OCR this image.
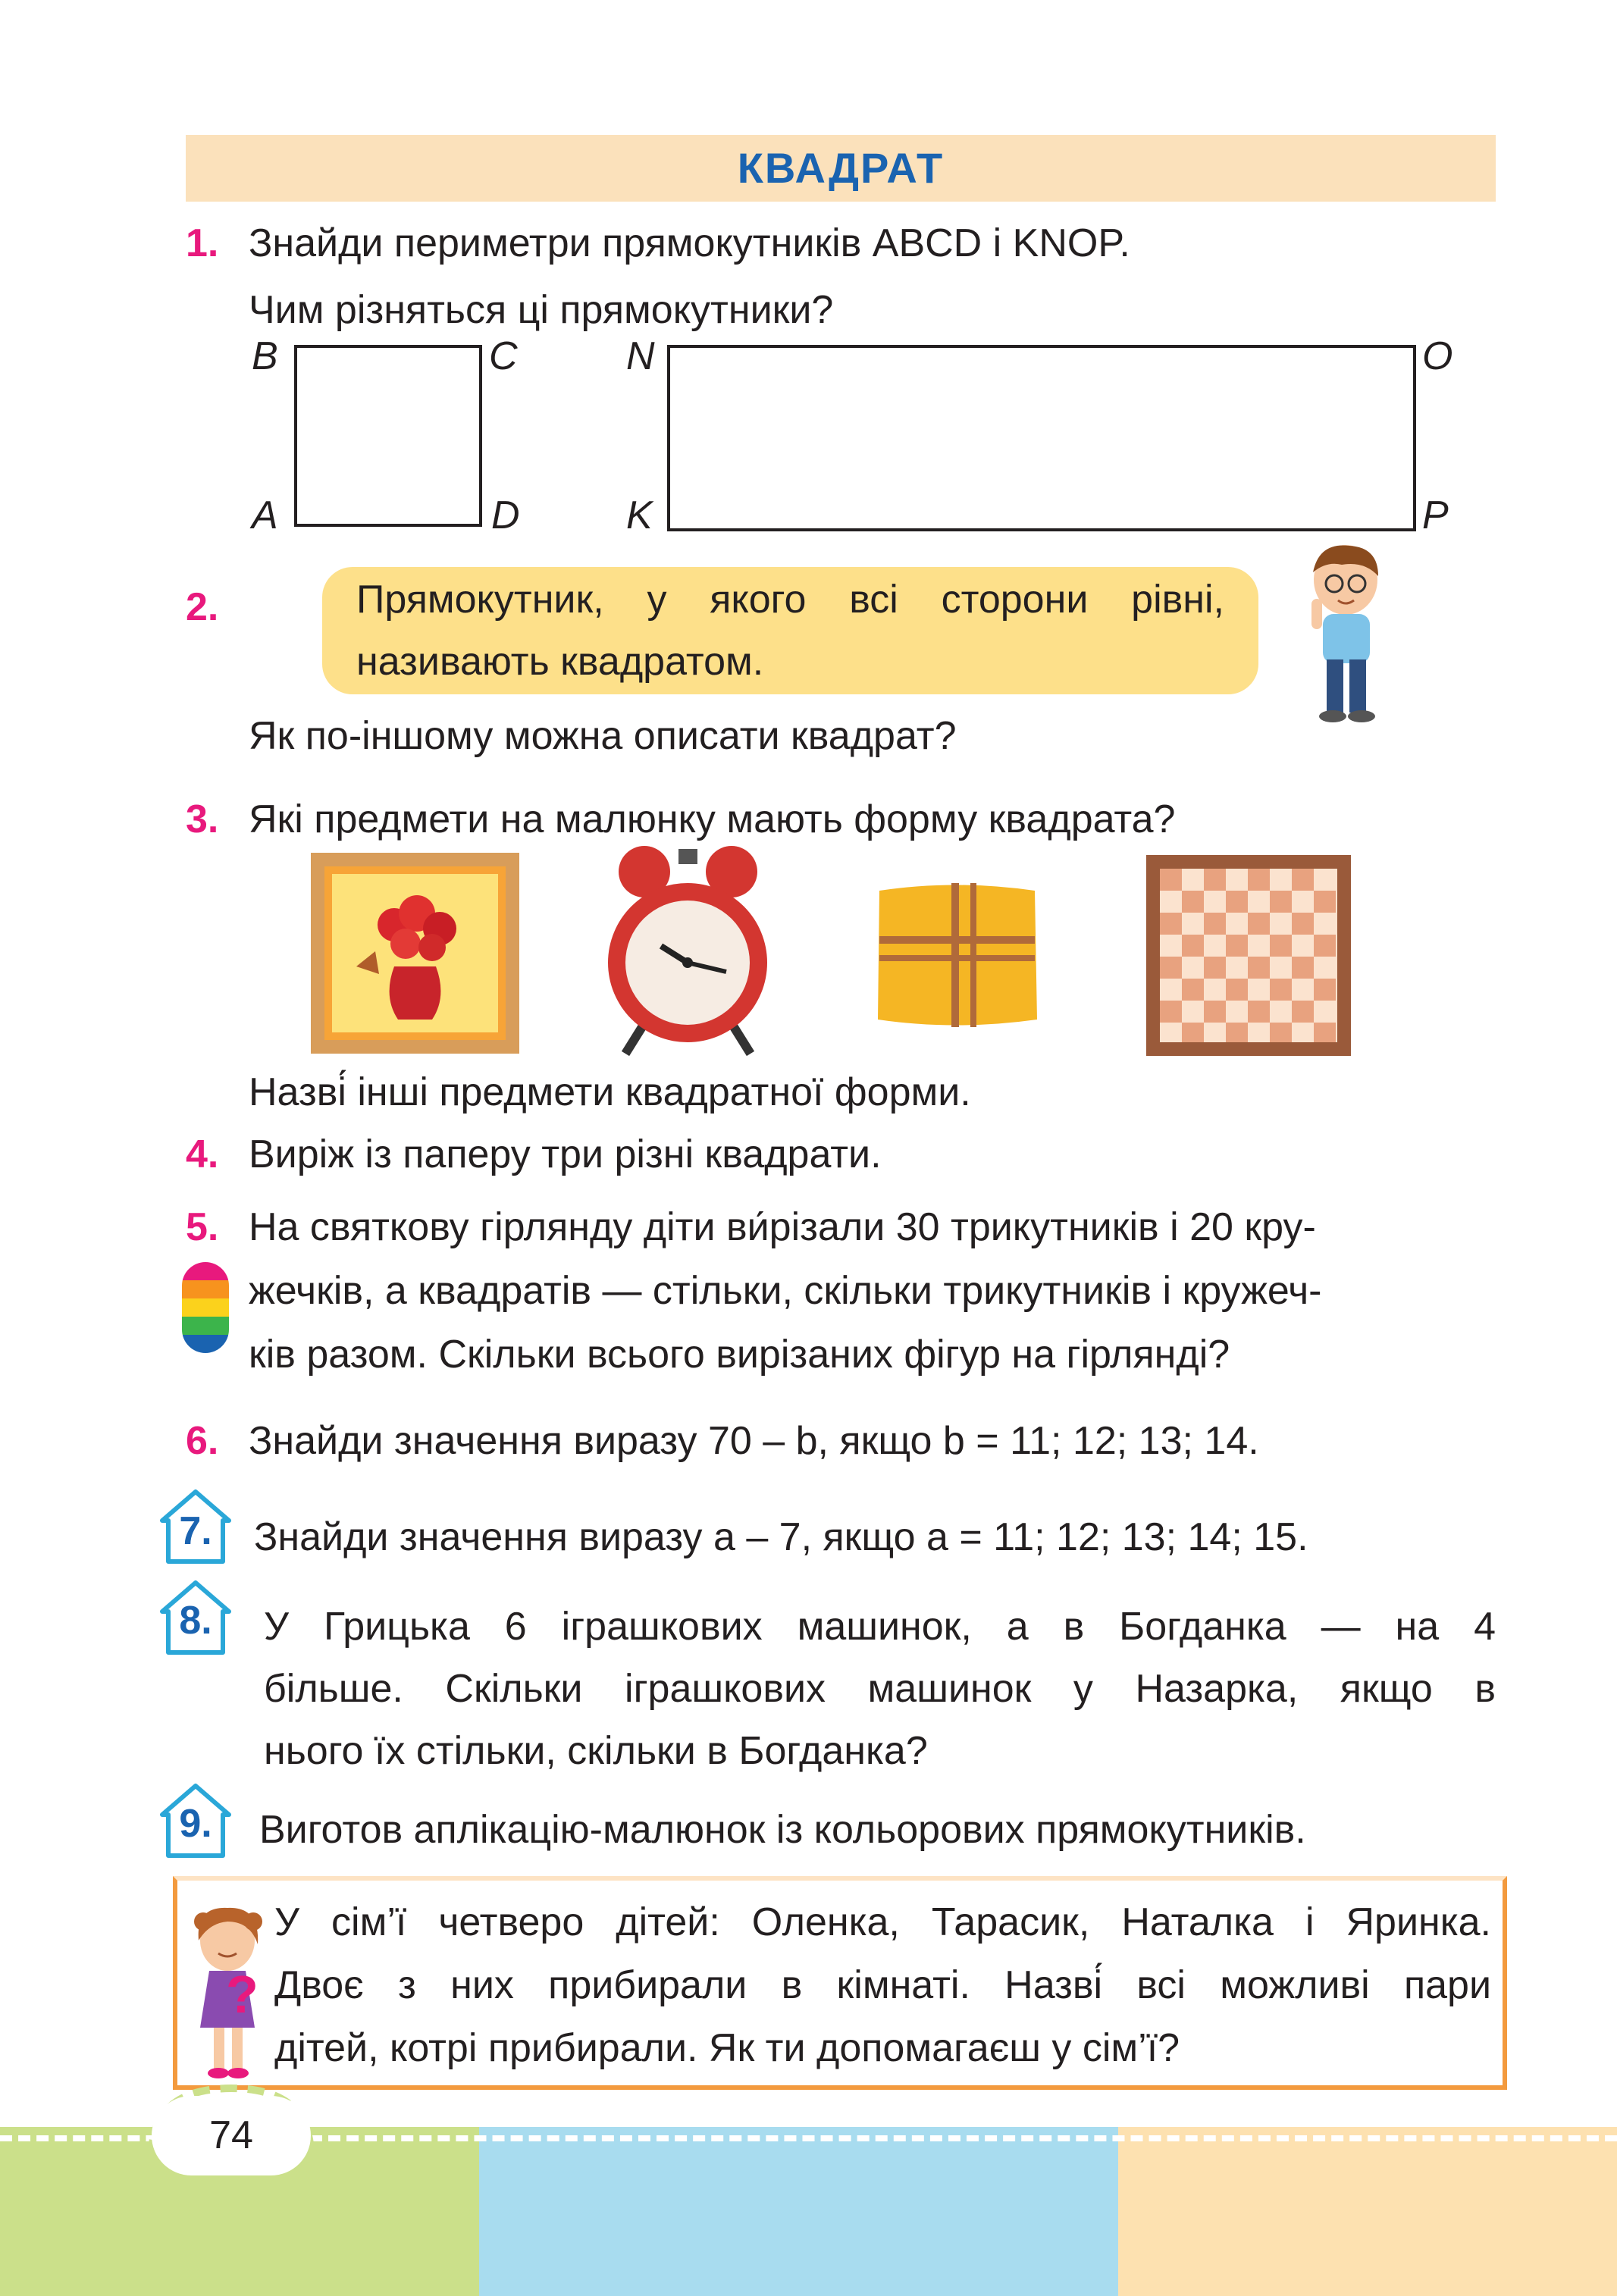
КВАДРАТ
1. Знайди периметри прямокутників ABCD і KNOP.
Чим різняться ці прямокутники?
B	C
A	D
N	O
K	P
2.	Прямокутник, у якого всі сторони рівні,
називають квадратом.
Як по-іншому можна описати квадрат?
3. Які предмети на малюнку мають форму квадрата?
Назві́ інші предмети квадратної форми.
4. Виріж із паперу три різні квадрати.
5. На святкову гірлянду діти ви́різали 30 трикутників і 20 кру-
жечків, а квадратів — стільки, скільки трикутників і кружеч-
ків разом. Скільки всього вирізаних фігур на гірлянді?
6. Знайди значення виразу 70 – b, якщо b = 11; 12; 13; 14.
7.	Знайди значення виразу a – 7, якщо a = 11; 12; 13; 14; 15.
8.	У Грицька 6 іграшкових машинок, а в Богданка — на 4
більше. Скільки іграшкових машинок у Назарка, якщо в
нього їх стільки, скільки в Богданка?
9.	Виготов аплікацію-малюнок із кольорових прямокутників.
?
У сім’ї четверо дітей: Оленка, Тарасик, Наталка і Яринка.
Двоє з них прибирали в кімнаті. Назві́ всі можливі пари
дітей, котрі прибирали. Як ти допомагаєш у сім’ї?
74
